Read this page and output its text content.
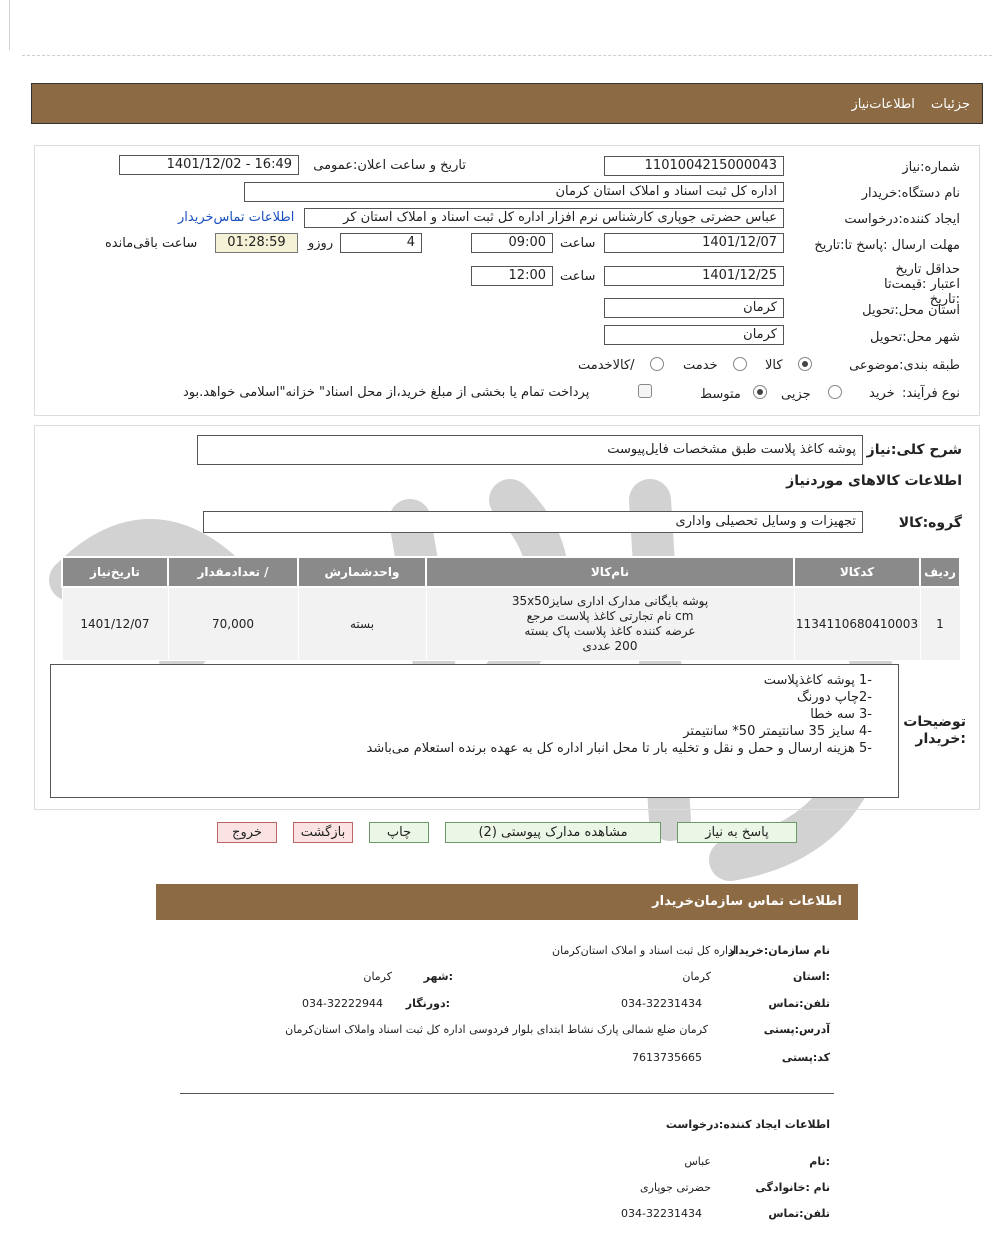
جزئیات اطلاعات‌نیاز
شماره:نیاز
1101004215000043
تاریخ و ساعت اعلان:عمومی
1401/12/02 - 16:49
نام دستگاه:خریدار
اداره کل ثبت اسناد و املاک استان کرمان
ایجاد کننده:درخواست
عباس حضرتی جوپاری کارشناس نرم افزار اداره کل ثبت اسناد و املاک استان کر
اطلاعات تماس‌خریدار
مهلت ارسال :پاسخ تا:تاریخ
1401/12/07
ساعت
09:00
4
روزو
01:28:59
ساعت باقی‌مانده
حداقل تاریخ اعتبار :قیمت‌تا :تاریخ
1401/12/25
ساعت
12:00
استان محل:تحویل
کرمان
شهر محل:تحویل
کرمان
طبقه بندی:موضوعی
کالا
خدمت
/کالاخدمت
نوع فرآیند:
خرید
جزیی
متوسط
پرداخت تمام یا بخشی از مبلغ خرید،از محل اسناد" خزانه"اسلامی خواهد.بود
شرح کلی:نیاز
پوشه کاغذ پلاست طبق مشخصات فایل‌پیوست
اطلاعات کالاهای موردنیاز
گروه:کالا
تجهیزات و وسایل تحصیلی واداری
ردیف	کدکالا	نام‌کالا	واحدشمارش	/ تعدادمقدار	تاریخ‌نیاز
1	1134110680410003	پوشه بایگانی مدارک اداری سایز35x50
cm نام تجارتی کاغذ پلاست مرجع
عرضه کننده کاغذ پلاست پاک بسته
200 عددی	بسته	70,000	1401/12/07
توضیحات :خریدار
-1 پوشه کاغذپلاست
-2چاپ دورنگ
-3 سه خطا
-4 سایز 35 سانتیمتر 50* سانتیمتر
-5 هزینه ارسال و حمل و نقل و تخلیه بار تا محل انبار اداره کل به عهده برنده استعلام می‌باشد
پاسخ به نیاز
مشاهده مدارک پیوستی (2)
چاپ
بازگشت
خروج
اطلاعات تماس سازمان‌خریدار
نام سازمان:خریدار
اداره کل ثبت اسناد و املاک استان‌کرمان
:استان
کرمان
:شهر
کرمان
تلفن:تماس
034-32231434
:دورنگار
034-32222944
آدرس:پستی
کرمان ضلع شمالی پارک نشاط ابتدای بلوار فردوسی اداره کل ثبت اسناد واملاک استان‌کرمان
کد:پستی
7613735665
اطلاعات ایجاد کننده:درخواست
:نام
عباس
نام :خانوادگی
حضرتی جوپاری
تلفن:تماس
034-32231434
